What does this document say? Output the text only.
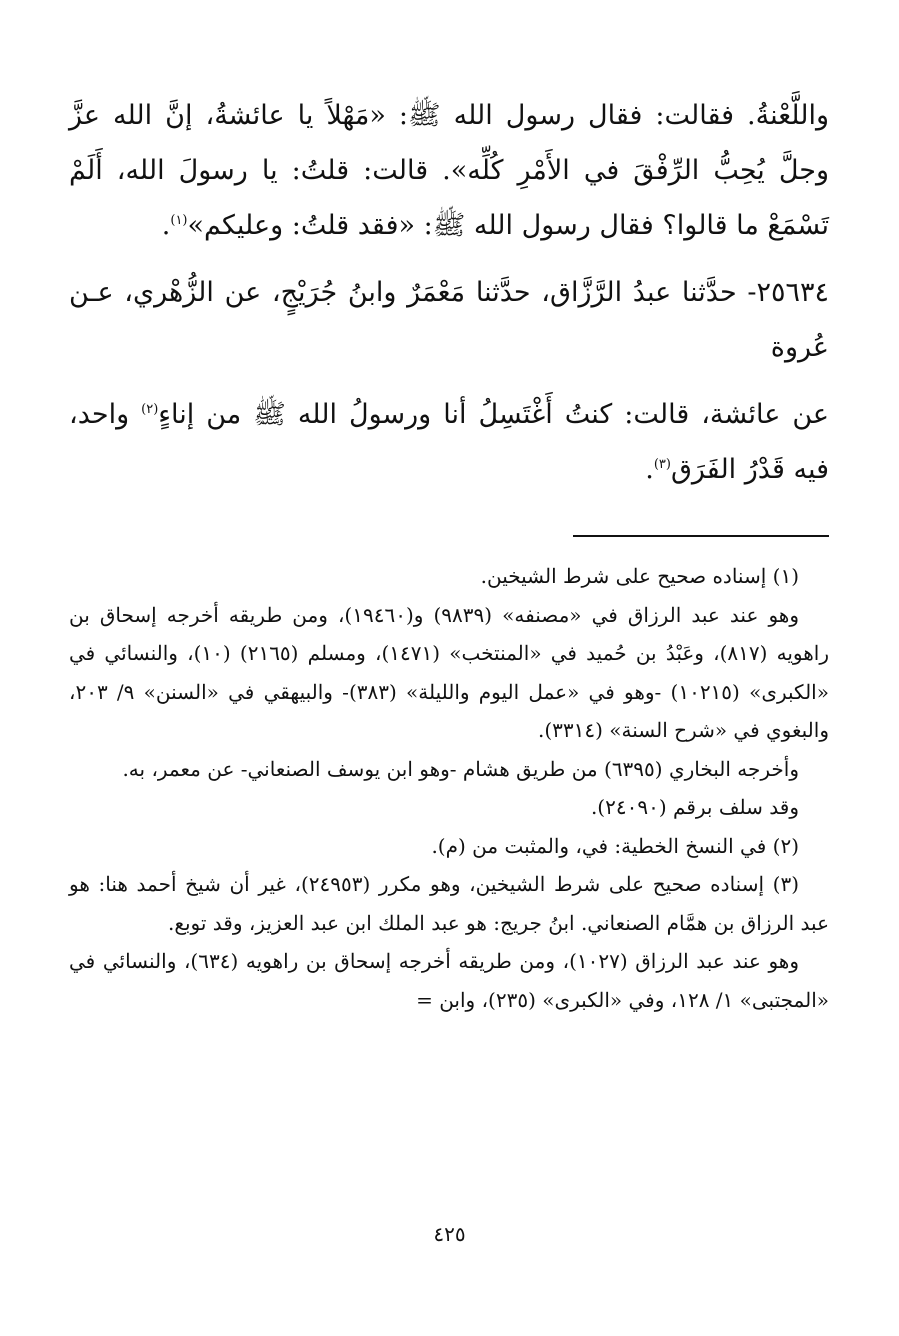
واللَّعْنةُ. فقالت: فقال رسول الله ﷺ: «مَهْلاً يا عائشةُ، إنَّ الله عزَّ وجلَّ يُحِبُّ الرِّفْقَ في الأَمْرِ كُلِّه». قالت: قلتُ: يا رسولَ الله، أَلَمْ تَسْمَعْ ما قالوا؟ فقال رسول الله ﷺ: «فقد قلتُ: وعليكم»$^{(١)}$.

٢٥٦٣٤- حدَّثنا عبدُ الرَّزَّاق، حدَّثنا مَعْمَرٌ وابنُ جُرَيْجٍ، عن الزُّهْري، عـن عُروة

عن عائشة، قالت: كنتُ أَغْتَسِلُ أنا ورسولُ الله ﷺ من إناءٍ$^{(٢)}$ واحد، فيه قَدْرُ الفَرَق$^{(٣)}$.

(١) إسناده صحيح على شرط الشيخين.

وهو عند عبد الرزاق في «مصنفه» (٩٨٣٩) و(١٩٤٦٠)، ومن طريقه أخرجه إسحاق بن راهويه (٨١٧)، وعَبْدُ بن حُميد في «المنتخب» (١٤٧١)، ومسلم (٢١٦٥) (١٠)، والنسائي في «الكبرى» (١٠٢١٥) -وهو في «عمل اليوم والليلة» (٣٨٣)- والبيهقي في «السنن» ٩/ ٢٠٣، والبغوي في «شرح السنة» (٣٣١٤).

وأخرجه البخاري (٦٣٩٥) من طريق هشام -وهو ابن يوسف الصنعاني- عن معمر، به.

وقد سلف برقم (٢٤٠٩٠).

(٢) في النسخ الخطية: في، والمثبت من (م).

(٣) إسناده صحيح على شرط الشيخين، وهو مكرر (٢٤٩٥٣)، غير أن شيخ أحمد هنا: هو عبد الرزاق بن همَّام الصنعاني. ابنُ جريج: هو عبد الملك ابن عبد العزيز، وقد توبع.

وهو عند عبد الرزاق (١٠٢٧)، ومن طريقه أخرجه إسحاق بن راهويه (٦٣٤)، والنسائي في «المجتبى» ١/ ١٢٨، وفي «الكبرى» (٢٣٥)، وابن =

٤٢٥
